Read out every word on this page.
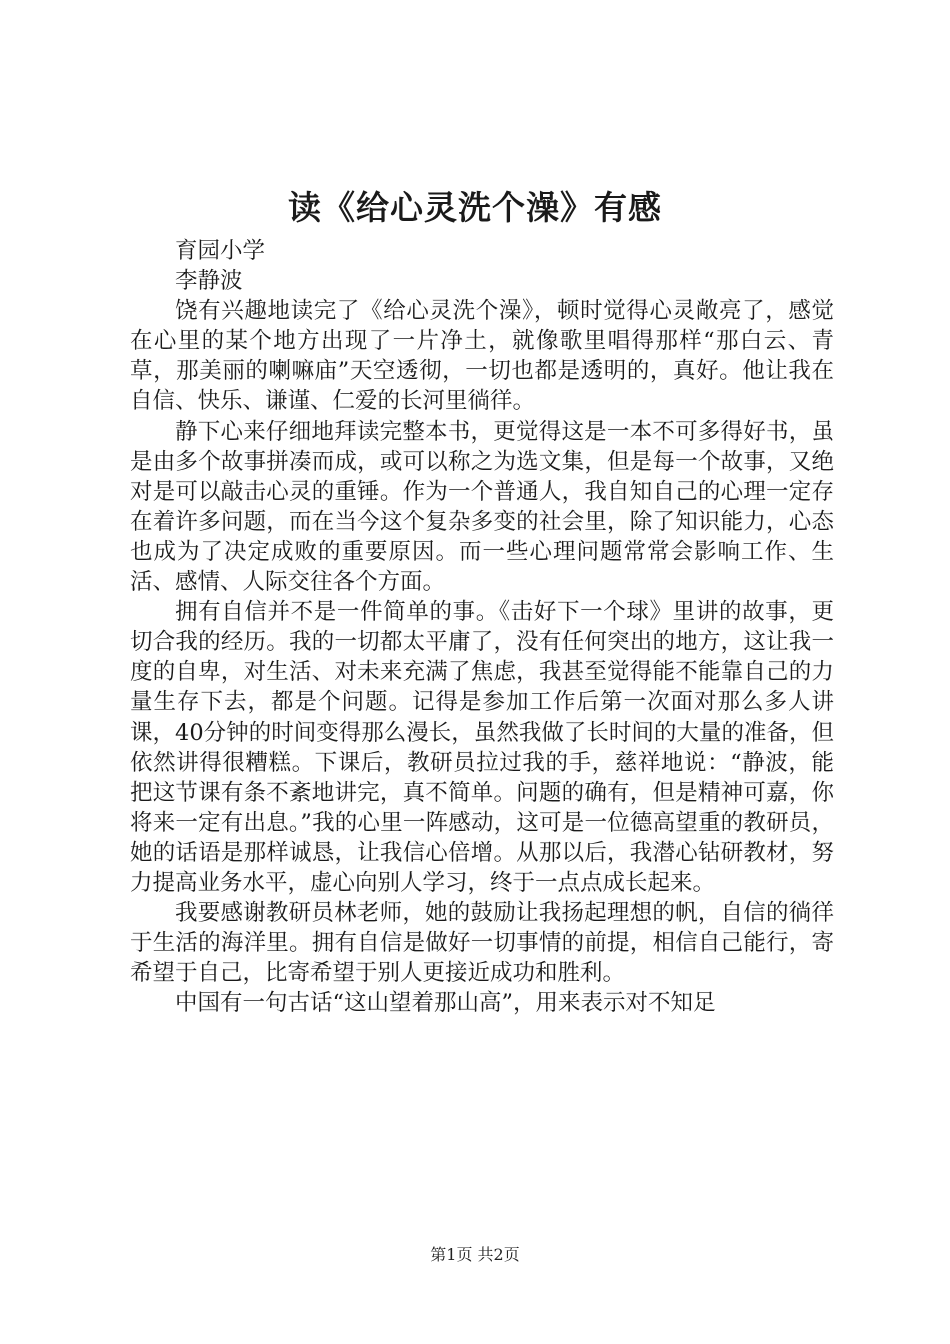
读《给心灵洗个澡》有感

育园小学

李静波

饶有兴趣地读完了《给心灵洗个澡》，顿时觉得心灵敞亮了，感觉在心里的某个地方出现了一片净土，就像歌里唱得那样“那白云、青草，那美丽的喇嘛庙”天空透彻，一切也都是透明的，真好。他让我在自信、快乐、谦谨、仁爱的长河里徜徉。

静下心来仔细地拜读完整本书，更觉得这是一本不可多得好书，虽是由多个故事拼凑而成，或可以称之为选文集，但是每一个故事，又绝对是可以敲击心灵的重锤。作为一个普通人，我自知自己的心理一定存在着许多问题，而在当今这个复杂多变的社会里，除了知识能力，心态也成为了决定成败的重要原因。而一些心理问题常常会影响工作、生活、感情、人际交往各个方面。

拥有自信并不是一件简单的事。《击好下一个球》里讲的故事，更切合我的经历。我的一切都太平庸了，没有任何突出的地方，这让我一度的自卑，对生活、对未来充满了焦虑，我甚至觉得能不能靠自己的力量生存下去，都是个问题。记得是参加工作后第一次面对那么多人讲课，40分钟的时间变得那么漫长，虽然我做了长时间的大量的准备，但依然讲得很糟糕。下课后，教研员拉过我的手，慈祥地说：“静波，能把这节课有条不紊地讲完，真不简单。问题的确有，但是精神可嘉，你将来一定有出息。”我的心里一阵感动，这可是一位德高望重的教研员，她的话语是那样诚恳，让我信心倍增。从那以后，我潜心钻研教材，努力提高业务水平，虚心向别人学习，终于一点点成长起来。

我要感谢教研员林老师，她的鼓励让我扬起理想的帆，自信的徜徉于生活的海洋里。拥有自信是做好一切事情的前提，相信自己能行，寄希望于自己，比寄希望于别人更接近成功和胜利。

中国有一句古话“这山望着那山高”，用来表示对不知足

第1页 共2页
